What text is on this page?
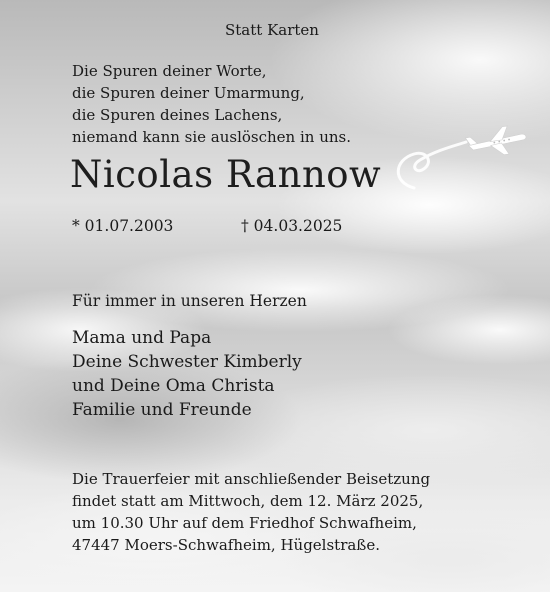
Statt Karten

Die Spuren deiner Worte,
die Spuren deiner Umarmung,
die Spuren deines Lachens,
niemand kann sie auslöschen in uns.

Nicolas Rannow

* 01.07.2003	† 04.03.2025

Für immer in unseren Herzen

Mama und Papa
Deine Schwester Kimberly
und Deine Oma Christa
Familie und Freunde
Die Trauerfeier mit anschließender Beisetzung
findet statt am Mittwoch, dem 12. März 2025,
um 10.30 Uhr auf dem Friedhof Schwafheim,
47447 Moers-Schwafheim, Hügelstraße.
